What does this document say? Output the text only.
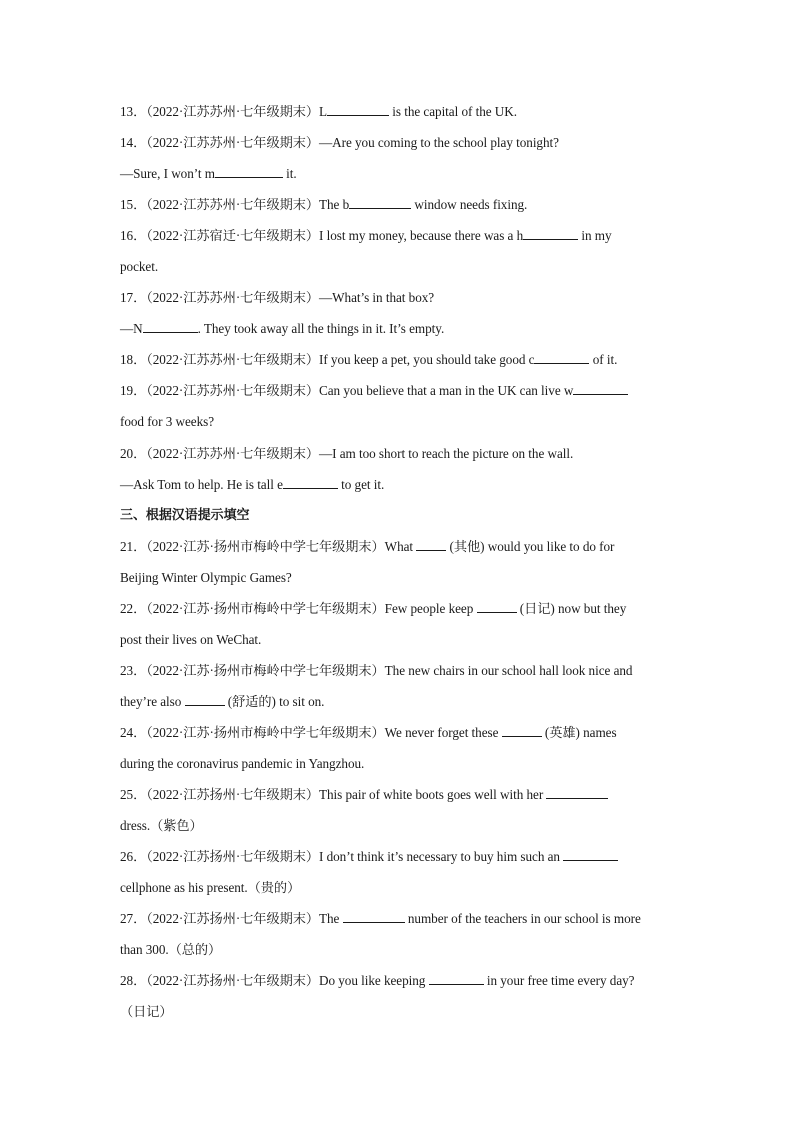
13．（2022·江苏苏州·七年级期末）L	is the capital of the UK.
14．（2022·江苏苏州·七年级期末）—Are you coming to the school play tonight?
—Sure, I won’t m	it.
15．（2022·江苏苏州·七年级期末）The b	window needs fixing.
16．（2022·江苏宿迁·七年级期末）I lost my money, because there was a h	in my
pocket.
17．（2022·江苏苏州·七年级期末）—What’s in that box?
—N	. They took away all the things in it. It’s empty.
18．（2022·江苏苏州·七年级期末）If you keep a pet, you should take good c	of it.
19．（2022·江苏苏州·七年级期末）Can you believe that a man in the UK can live w
food for 3 weeks?
20．（2022·江苏苏州·七年级期末）—I am too short to reach the picture on the wall.
—Ask Tom to help. He is tall e	to get it.
三、根据汉语提示填空
21．（2022·江苏·扬州市梅岭中学七年级期末）What  (其他) would you like to do for
Beijing Winter Olympic Games?
22．（2022·江苏·扬州市梅岭中学七年级期末）Few people keep	(日记) now but they
post their lives on WeChat.
23．（2022·江苏·扬州市梅岭中学七年级期末）The new chairs in our school hall look nice and
they’re also	(舒适的) to sit on.
24．（2022·江苏·扬州市梅岭中学七年级期末）We never forget these	(英雄) names
during the coronavirus pandemic in Yangzhou.
25．（2022·江苏扬州·七年级期末）This pair of white boots goes well with her
dress.（紫色）
26．（2022·江苏扬州·七年级期末）I don’t think it’s necessary to buy him such an
cellphone as his present.（贵的）
27．（2022·江苏扬州·七年级期末）The	number of the teachers in our school is more
than 300.（总的）
28．（2022·江苏扬州·七年级期末）Do you like keeping	in your free time every day?
（日记）
